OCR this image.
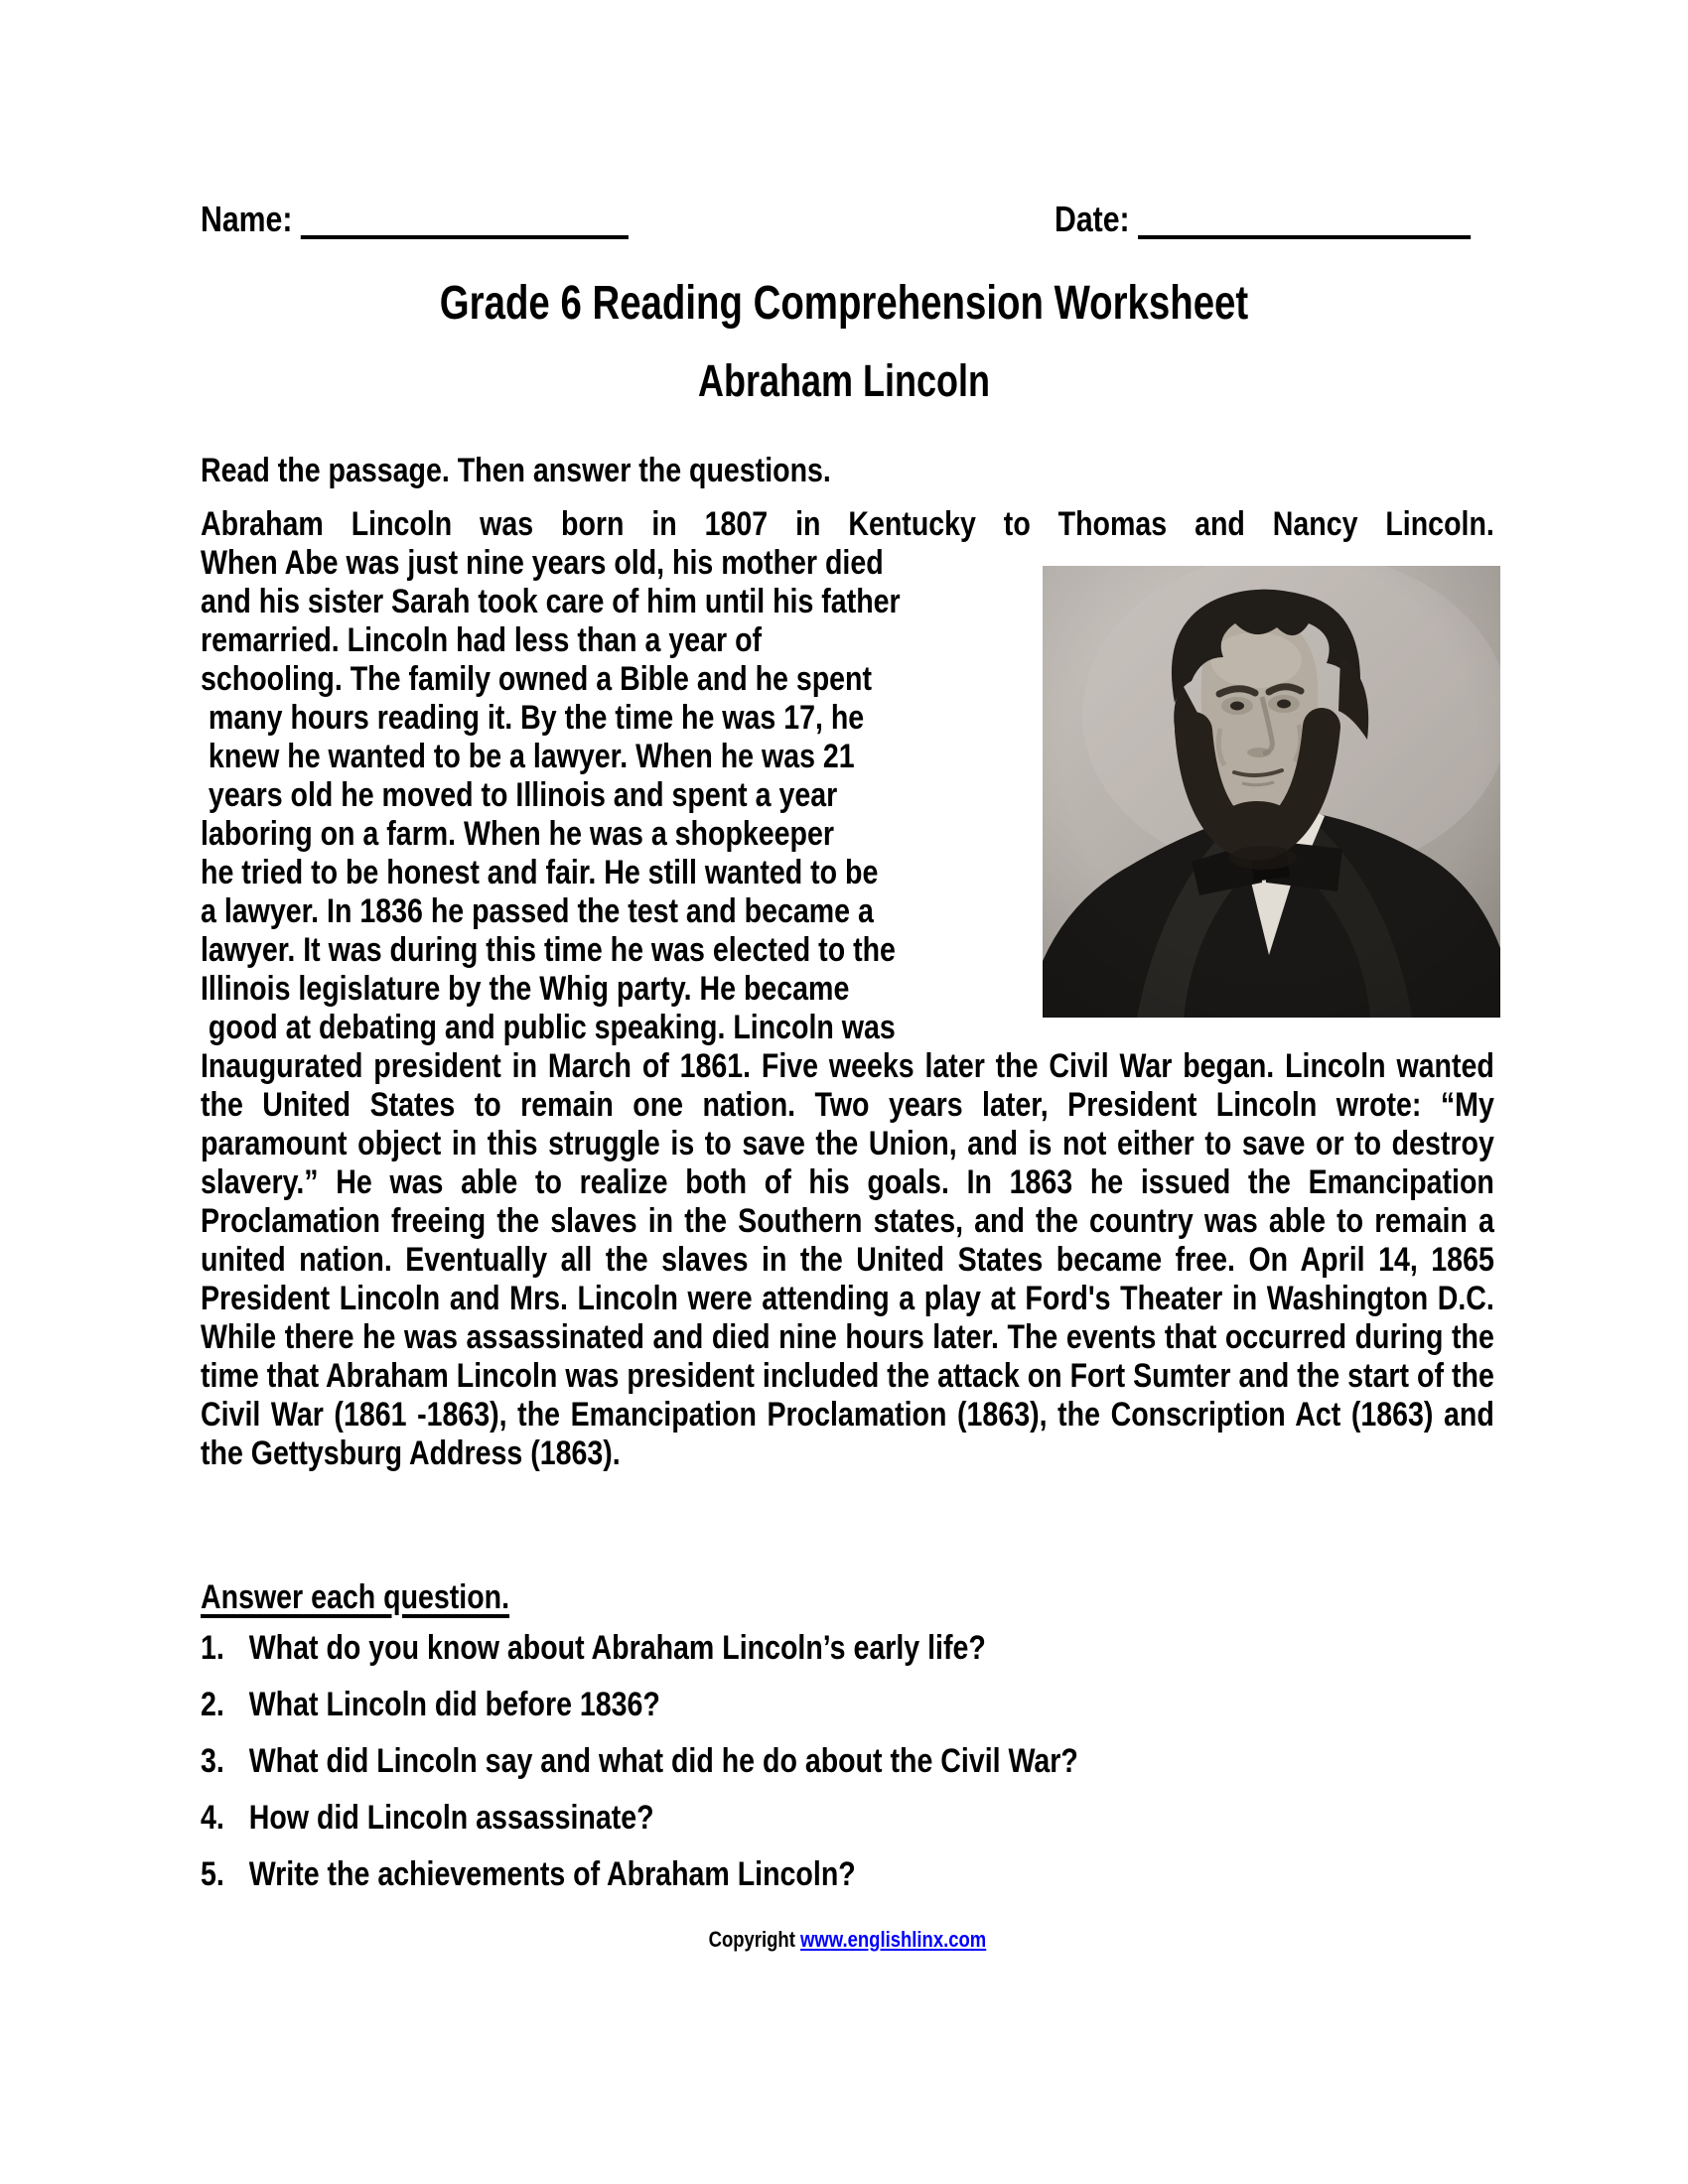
Name:	Date:
Grade 6 Reading Comprehension Worksheet
Abraham Lincoln
Read the passage. Then answer the questions.
Abraham Lincoln was born in 1807 in Kentucky to Thomas and Nancy Lincoln.
When Abe was just nine years old, his mother died
and his sister Sarah took care of him until his father
remarried. Lincoln had less than a year of
schooling. The family owned a Bible and he spent
many hours reading it. By the time he was 17, he
knew he wanted to be a lawyer. When he was 21
years old he moved to Illinois and spent a year
laboring on a farm. When he was a shopkeeper
he tried to be honest and fair. He still wanted to be
a lawyer. In 1836 he passed the test and became a
lawyer. It was during this time he was elected to the
Illinois legislature by the Whig party. He became
good at debating and public speaking. Lincoln was
Inaugurated president in March of 1861. Five weeks later the Civil War began. Lincoln wanted the United States to remain one nation. Two years later, President Lincoln wrote: “My paramount object in this struggle is to save the Union, and is not either to save or to destroy slavery.” He was able to realize both of his goals. In 1863 he issued the Emancipation Proclamation freeing the slaves in the Southern states, and the country was able to remain a united nation. Eventually all the slaves in the United States became free. On April 14, 1865 President Lincoln and Mrs. Lincoln were attending a play at Ford's Theater in Washington D.C. While there he was assassinated and died nine hours later. The events that occurred during the time that Abraham Lincoln was president included the attack on Fort Sumter and the start of the Civil War (1861 -1863), the Emancipation Proclamation (1863), the Conscription Act (1863) and the Gettysburg Address (1863).
Answer each question.
1. What do you know about Abraham Lincoln’s early life?
2. What Lincoln did before 1836?
3. What did Lincoln say and what did he do about the Civil War?
4. How did Lincoln assassinate?
5. Write the achievements of Abraham Lincoln?
Copyright www.englishlinx.com
